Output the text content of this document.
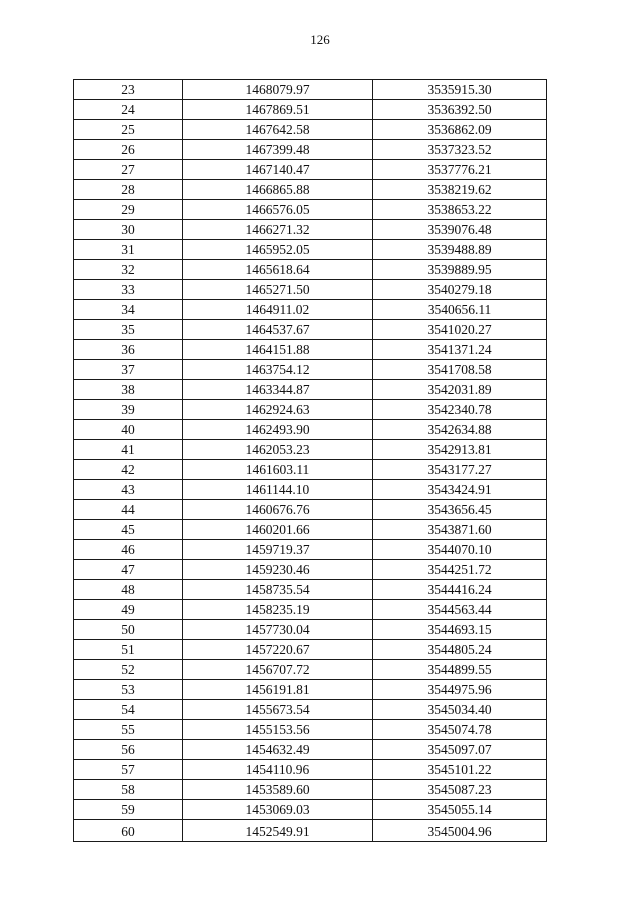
126
23	1468079.97	3535915.30
24	1467869.51	3536392.50
25	1467642.58	3536862.09
26	1467399.48	3537323.52
27	1467140.47	3537776.21
28	1466865.88	3538219.62
29	1466576.05	3538653.22
30	1466271.32	3539076.48
31	1465952.05	3539488.89
32	1465618.64	3539889.95
33	1465271.50	3540279.18
34	1464911.02	3540656.11
35	1464537.67	3541020.27
36	1464151.88	3541371.24
37	1463754.12	3541708.58
38	1463344.87	3542031.89
39	1462924.63	3542340.78
40	1462493.90	3542634.88
41	1462053.23	3542913.81
42	1461603.11	3543177.27
43	1461144.10	3543424.91
44	1460676.76	3543656.45
45	1460201.66	3543871.60
46	1459719.37	3544070.10
47	1459230.46	3544251.72
48	1458735.54	3544416.24
49	1458235.19	3544563.44
50	1457730.04	3544693.15
51	1457220.67	3544805.24
52	1456707.72	3544899.55
53	1456191.81	3544975.96
54	1455673.54	3545034.40
55	1455153.56	3545074.78
56	1454632.49	3545097.07
57	1454110.96	3545101.22
58	1453589.60	3545087.23
59	1453069.03	3545055.14
60	1452549.91	3545004.96
